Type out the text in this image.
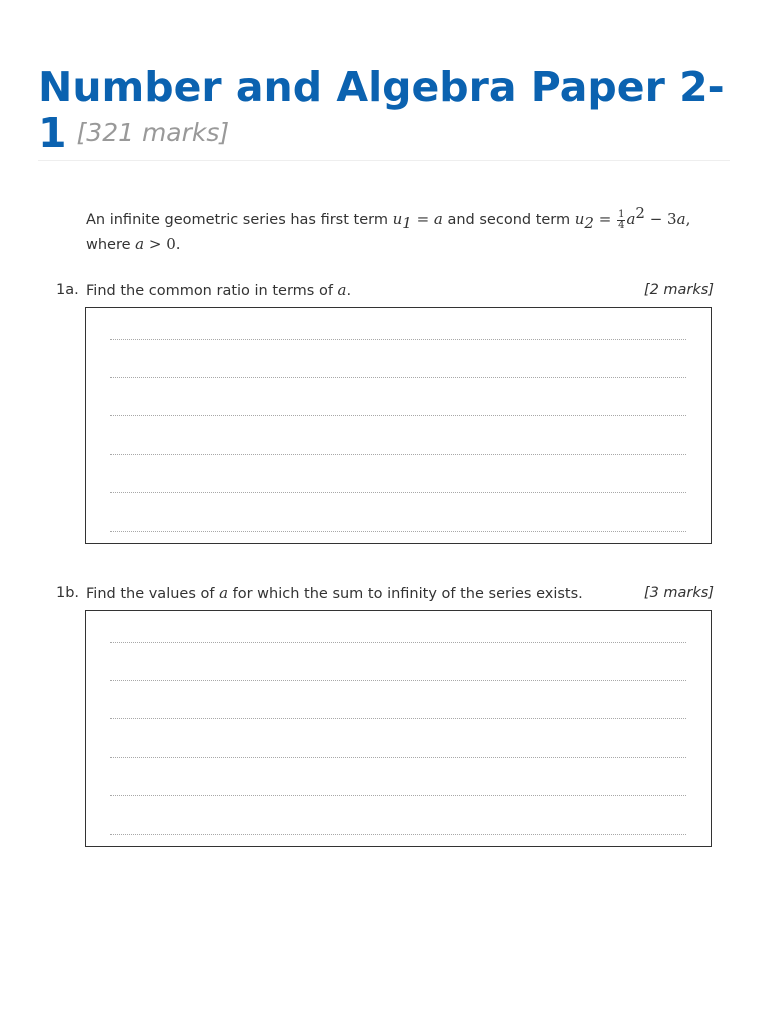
Number and Algebra Paper 2-
1 [321 marks]
An infinite geometric series has first term $u_1 = a$ and second term $u_2 = \frac{1}{4} a^2 - 3a$,
where a > 0.
1a. Find the common ratio in terms of a.	[2 marks]
1b. Find the values of a for which the sum to infinity of the series exists.	[3 marks]
